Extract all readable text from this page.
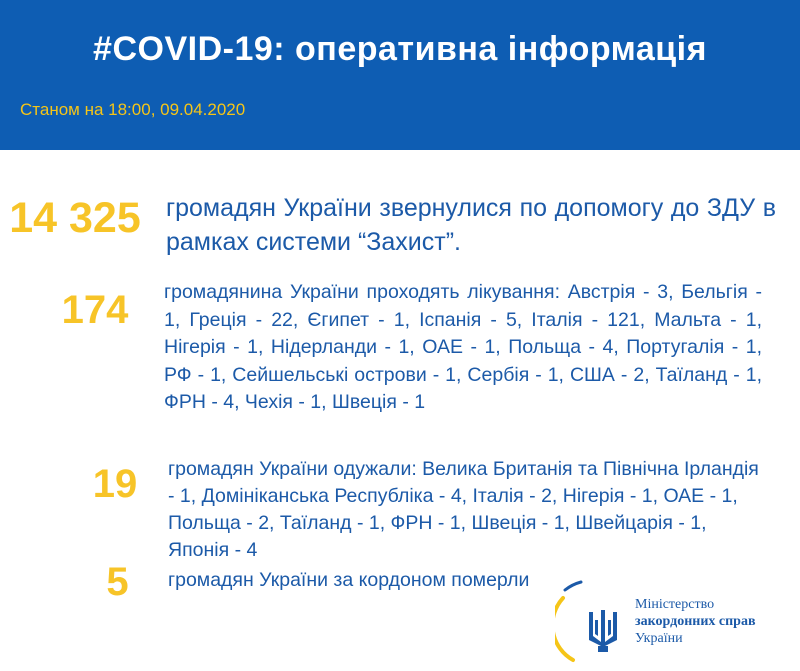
#COVID-19: оперативна інформація
Станом на 18:00, 09.04.2020
14 325	громадян України звернулися по допомогу до ЗДУ в рамках системи “Захист”.
174	громадянина України проходять лікування: Австрія - 3, Бельгія - 1, Греція - 22, Єгипет - 1, Іспанія - 5, Італія - 121, Мальта - 1, Нігерія - 1, Нідерланди - 1, ОАЕ - 1, Польща - 4, Португалія - 1, РФ - 1, Сейшельські острови - 1, Сербія - 1, США - 2, Таїланд - 1, ФРН - 4, Чехія - 1, Швеція - 1
19	громадян України одужали: Велика Британія та Північна Ірландія - 1, Домініканська Республіка - 4, Італія - 2, Нігерія - 1, ОАЕ - 1, Польща - 2, Таїланд - 1, ФРН - 1, Швеція - 1, Швейцарія - 1, Японія - 4
5	громадян України за кордоном померли
Міністерство
закордонних справ
України
